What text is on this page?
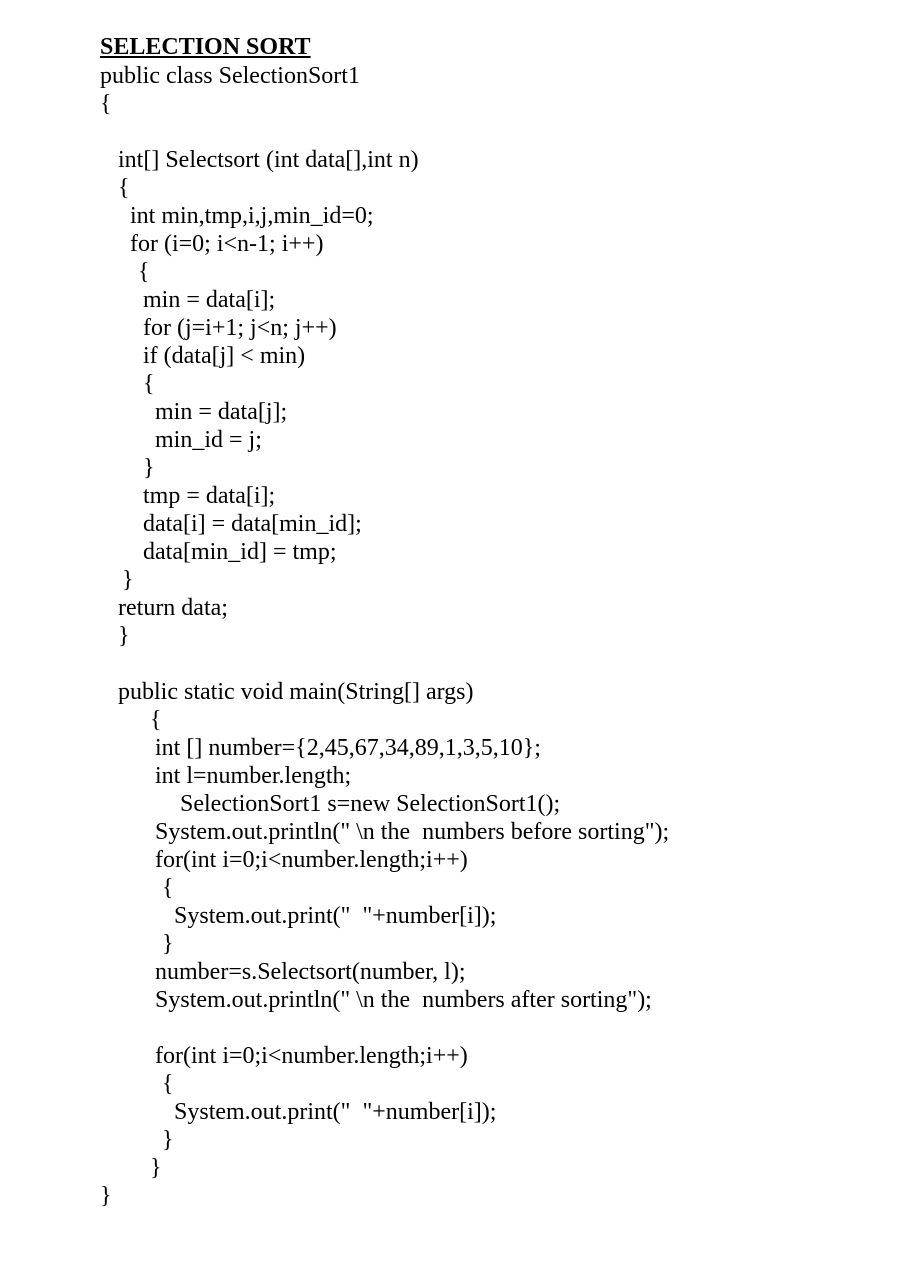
SELECTION SORT
public class SelectionSort1
{
int[] Selectsort (int data[],int n)
{
int min,tmp,i,j,min_id=0;
for (i=0; i<n-1; i++)
{
min = data[i];
for (j=i+1; j<n; j++)
if (data[j] < min)
{
min = data[j];
min_id = j;
}
tmp = data[i];
data[i] = data[min_id];
data[min_id] = tmp;
}
return data;
}
public static void main(String[] args)
{
int [] number={2,45,67,34,89,1,3,5,10};
int l=number.length;
SelectionSort1 s=new SelectionSort1();
System.out.println(" \n the  numbers before sorting");
for(int i=0;i<number.length;i++)
{
System.out.print("  "+number[i]);
}
number=s.Selectsort(number, l);
System.out.println(" \n the  numbers after sorting");
for(int i=0;i<number.length;i++)
{
System.out.print("  "+number[i]);
}
}
}
